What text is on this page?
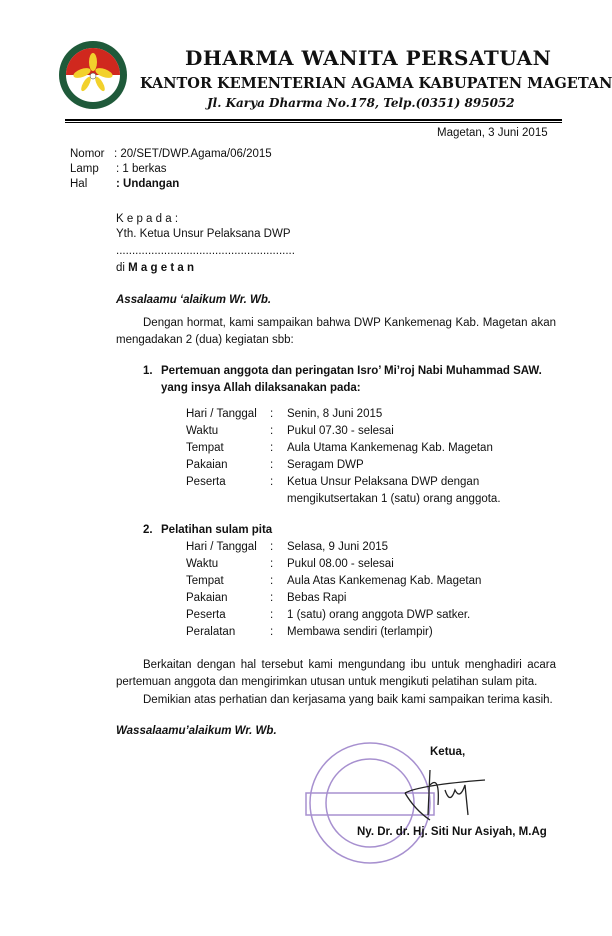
DHARMA WANITA PERSATUAN
KANTOR KEMENTERIAN AGAMA KABUPATEN MAGETAN
Jl. Karya Dharma No.178, Telp.(0351) 895052
Magetan, 3 Juni 2015
Nomor : 20/SET/DWP.Agama/06/2015
Lamp : 1 berkas
Hal : Undangan
K e p a d a :
Yth. Ketua Unsur Pelaksana DWP
........................................................
di M a g e t a n
Assalaamu ‘alaikum Wr. Wb.
Dengan hormat, kami sampaikan bahwa DWP Kankemenag Kab. Magetan akan
mengadakan 2 (dua) kegiatan sbb:
1. Pertemuan anggota dan peringatan Isro’ Mi’roj Nabi Muhammad SAW.
yang insya Allah dilaksanakan pada:
Hari / Tanggal : Senin, 8 Juni 2015
Waktu	: Pukul 07.30 - selesai
Tempat	: Aula Utama Kankemenag Kab. Magetan
Pakaian	: Seragam DWP
Peserta	: Ketua Unsur Pelaksana DWP dengan
mengikutsertakan 1 (satu) orang anggota.
2. Pelatihan sulam pita
Hari / Tanggal : Selasa, 9 Juni 2015
Waktu	: Pukul 08.00 - selesai
Tempat	: Aula Atas Kankemenag Kab. Magetan
Pakaian	: Bebas Rapi
Peserta	: 1 (satu) orang anggota DWP satker.
Peralatan	: Membawa sendiri (terlampir)
Berkaitan dengan hal tersebut kami mengundang ibu untuk menghadiri acara
pertemuan anggota dan mengirimkan utusan untuk mengikuti pelatihan sulam pita.
Demikian atas perhatian dan kerjasama yang baik kami sampaikan terima kasih.
Wassalaamu’alaikum Wr. Wb.
Ketua,
Ny. Dr. dr. Hj. Siti Nur Asiyah, M.Ag
